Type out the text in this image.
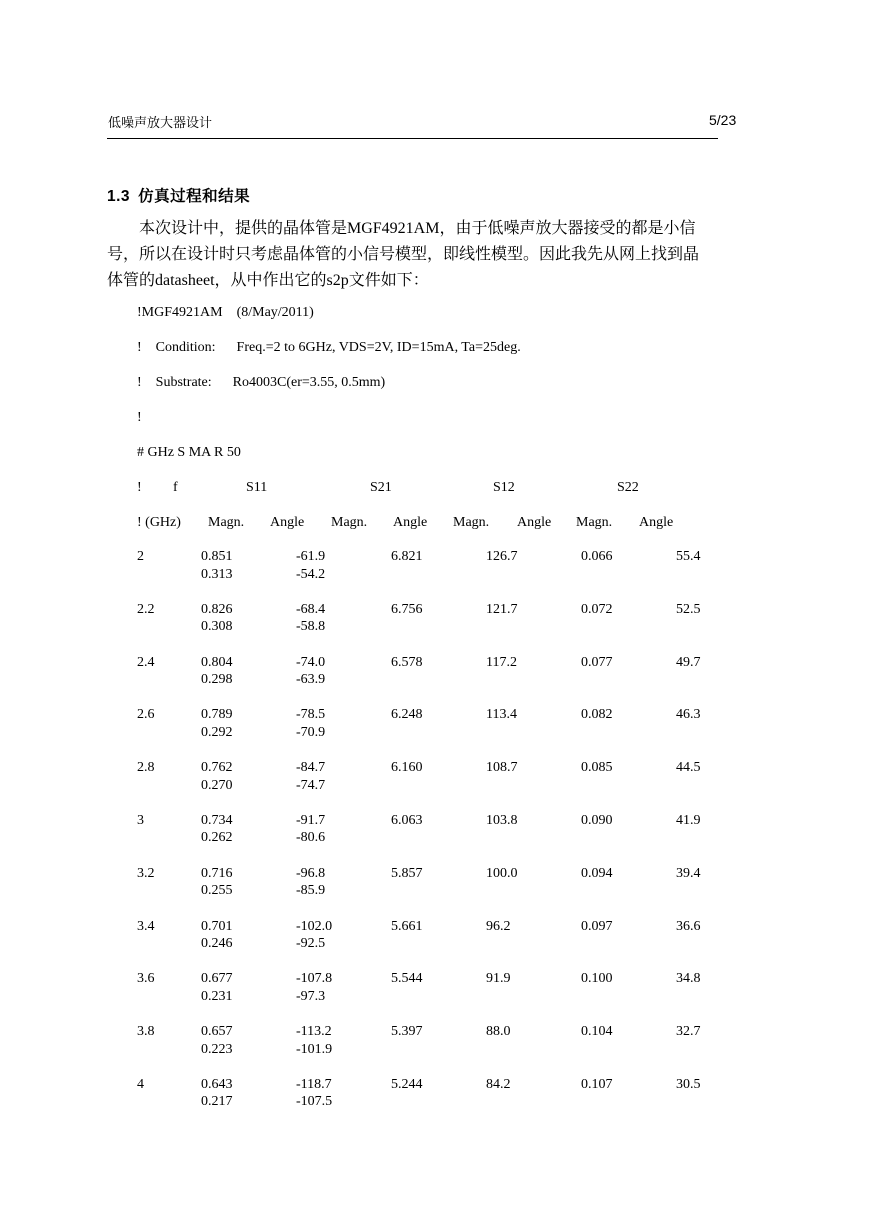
低噪声放大器设计	5/23
1.3 仿真过程和结果
本次设计中，提供的晶体管是MGF4921AM，由于低噪声放大器接受的都是小信
号，所以在设计时只考虑晶体管的小信号模型，即线性模型。因此我先从网上找到晶
体管的datasheet，从中作出它的s2p文件如下：
!MGF4921AM    (8/May/2011)
!    Condition:      Freq.=2 to 6GHz, VDS=2V, ID=15mA, Ta=25deg.
!    Substrate:      Ro4003C(er=3.55, 0.5mm)
!
# GHz S MA R 50
! f	S11	S21	S12	S22
! (GHz) Magn. Angle Magn. Angle Magn. Angle Magn. Angle
2	0.851	-61.9	6.821	126.7	0.066	55.4
0.313	-54.2
2.2	0.826	-68.4	6.756	121.7	0.072	52.5
0.308	-58.8
2.4	0.804	-74.0	6.578	117.2	0.077	49.7
0.298	-63.9
2.6	0.789	-78.5	6.248	113.4	0.082	46.3
0.292	-70.9
2.8	0.762	-84.7	6.160	108.7	0.085	44.5
0.270	-74.7
3	0.734	-91.7	6.063	103.8	0.090	41.9
0.262	-80.6
3.2	0.716	-96.8	5.857	100.0	0.094	39.4
0.255	-85.9
3.4	0.701	-102.0	5.661	96.2	0.097	36.6
0.246	-92.5
3.6	0.677	-107.8	5.544	91.9	0.100	34.8
0.231	-97.3
3.8	0.657	-113.2	5.397	88.0	0.104	32.7
0.223	-101.9
4	0.643	-118.7	5.244	84.2	0.107	30.5
0.217	-107.5
